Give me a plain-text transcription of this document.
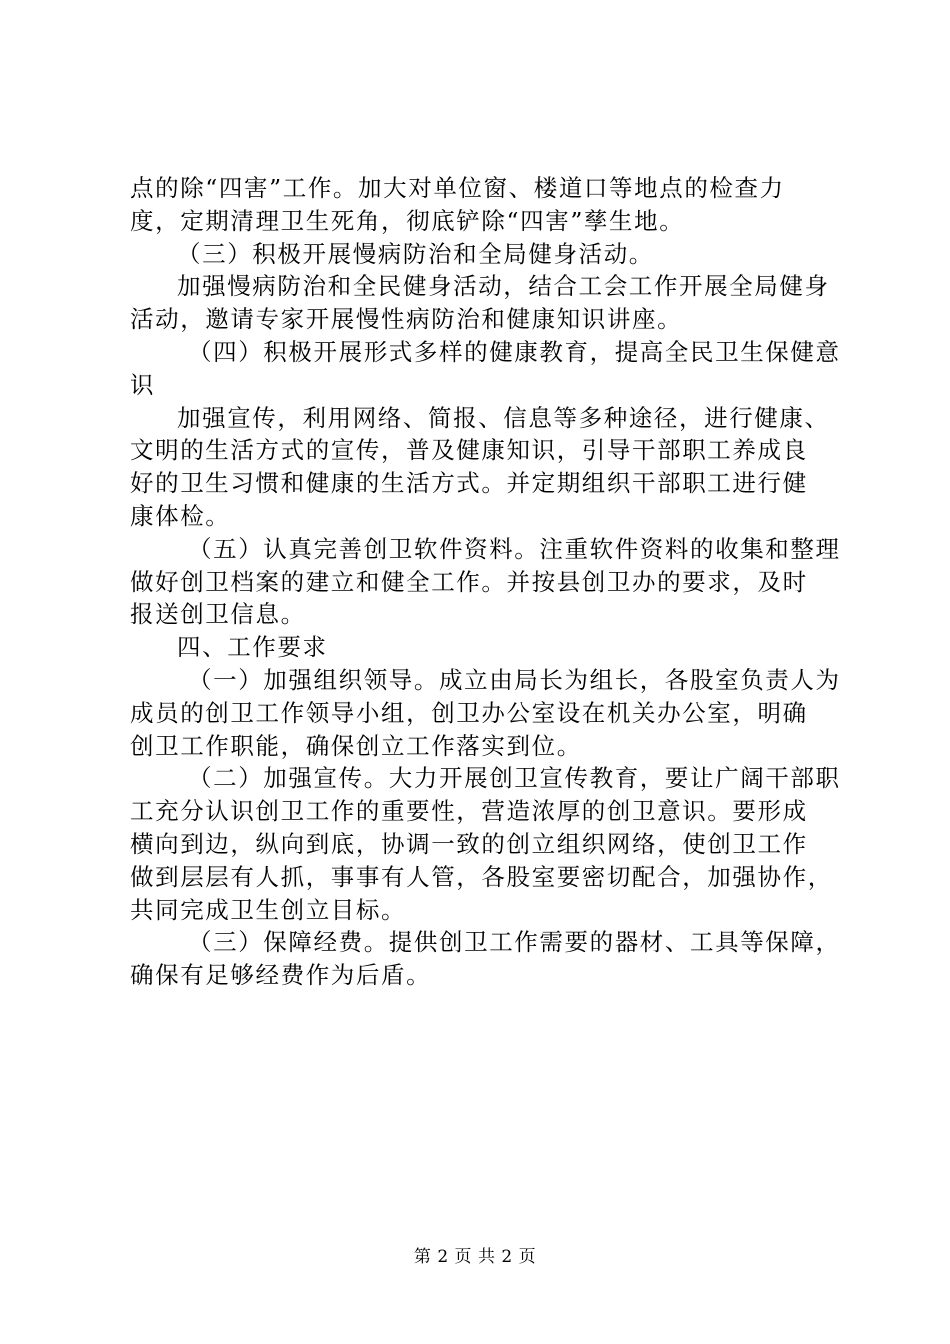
点的除“四害”工作。加大对单位窗、楼道口等地点的检查力
度，定期清理卫生死角，彻底铲除“四害”孳生地。
（三）积极开展慢病防治和全局健身活动。
加强慢病防治和全民健身活动，结合工会工作开展全局健身
活动，邀请专家开展慢性病防治和健康知识讲座。
（四）积极开展形式多样的健康教育，提高全民卫生保健意
识
加强宣传，利用网络、简报、信息等多种途径，进行健康、
文明的生活方式的宣传，普及健康知识，引导干部职工养成良
好的卫生习惯和健康的生活方式。并定期组织干部职工进行健
康体检。
（五）认真完善创卫软件资料。注重软件资料的收集和整理
做好创卫档案的建立和健全工作。并按县创卫办的要求，及时
报送创卫信息。
四、工作要求
（一）加强组织领导。成立由局长为组长，各股室负责人为
成员的创卫工作领导小组，创卫办公室设在机关办公室，明确
创卫工作职能，确保创立工作落实到位。
（二）加强宣传。大力开展创卫宣传教育，要让广阔干部职
工充分认识创卫工作的重要性，营造浓厚的创卫意识。要形成
横向到边，纵向到底，协调一致的创立组织网络，使创卫工作
做到层层有人抓，事事有人管，各股室要密切配合，加强协作，
共同完成卫生创立目标。
（三）保障经费。提供创卫工作需要的器材、工具等保障，
确保有足够经费作为后盾。
第 2 页 共 2 页
